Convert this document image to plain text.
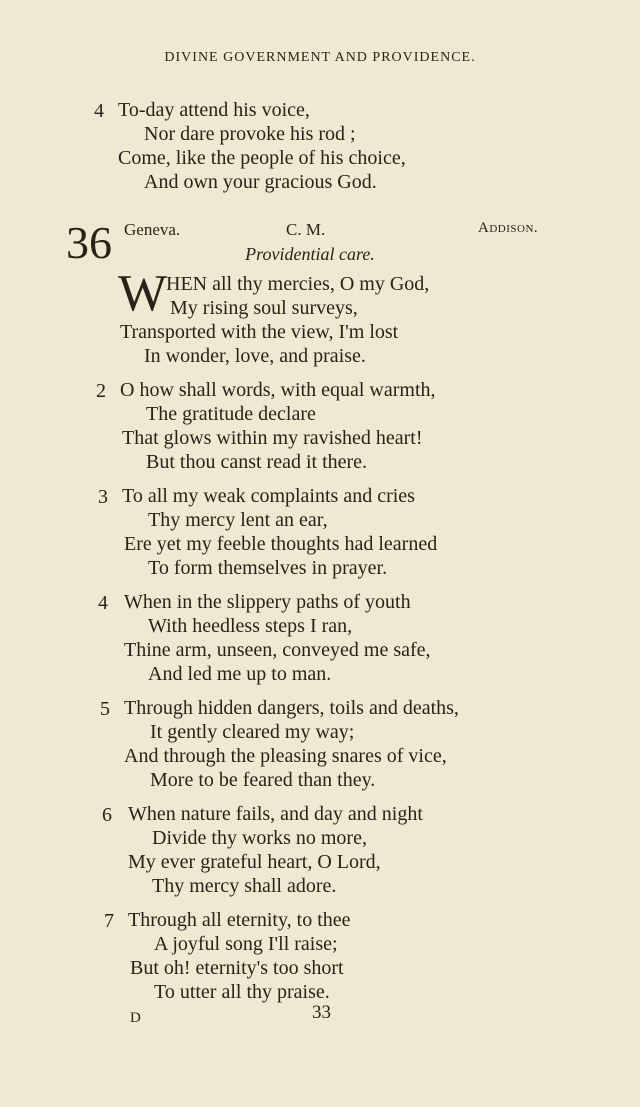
DIVINE GOVERNMENT AND PROVIDENCE.
4 To-day attend his voice,
Nor dare provoke his rod ;
Come, like the people of his choice,
And own your gracious God.
36 Geneva.	C. M.	Addison.
Providential care.
W
HEN all thy mercies, O my God,
My rising soul surveys,
Transported with the view, I'm lost
In wonder, love, and praise.
2 O how shall words, with equal warmth,
The gratitude declare
That glows within my ravished heart!
But thou canst read it there.
3 To all my weak complaints and cries
Thy mercy lent an ear,
Ere yet my feeble thoughts had learned
To form themselves in prayer.
4 When in the slippery paths of youth
With heedless steps I ran,
Thine arm, unseen, conveyed me safe,
And led me up to man.
5 Through hidden dangers, toils and deaths,
It gently cleared my way;
And through the pleasing snares of vice,
More to be feared than they.
6 When nature fails, and day and night
Divide thy works no more,
My ever grateful heart, O Lord,
Thy mercy shall adore.
7 Through all eternity, to thee
A joyful song I'll raise;
But oh! eternity's too short
To utter all thy praise.
D	33
